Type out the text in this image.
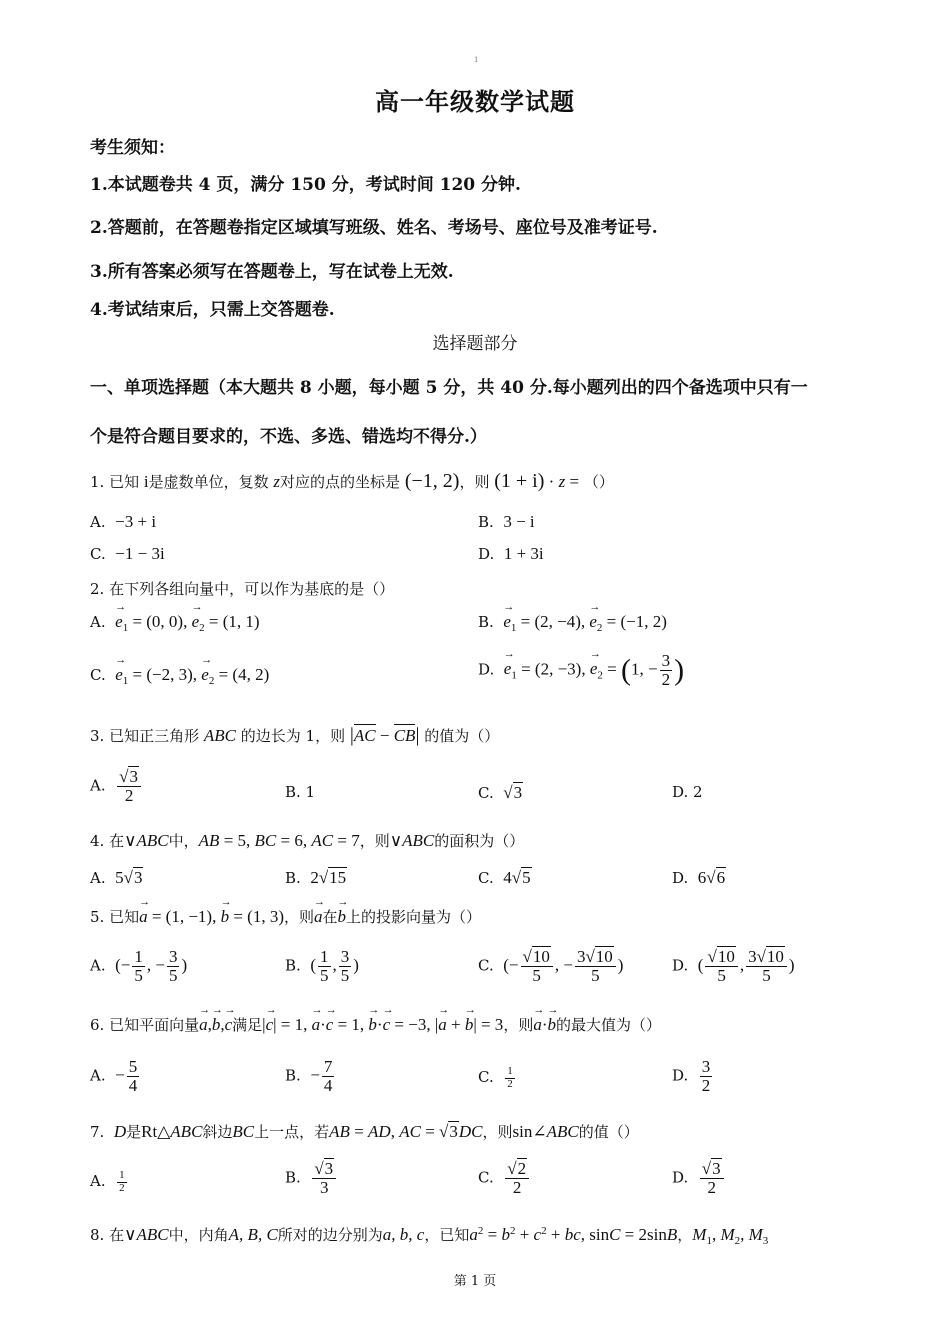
1
高一年级数学试题
考生须知：
1.本试题卷共 4 页，满分 150 分，考试时间 120 分钟.
2.答题前，在答题卷指定区域填写班级、姓名、考场号、座位号及准考证号.
3.所有答案必须写在答题卷上，写在试卷上无效.
4.考试结束后，只需上交答题卷.
选择题部分
一、单项选择题（本大题共 8 小题，每小题 5 分，共 40 分.每小题列出的四个备选项中只有一
个是符合题目要求的，不选、多选、错选均不得分.）
1. 已知 i是虚数单位，复数 z对应的点的坐标是 (−1, 2)，则 (1 + i) · z = （）
A. −3 + i	B. 3 − i
C. −1 − 3i	D. 1 + 3i
2. 在下列各组向量中，可以作为基底的是（）
A.  → $e_1 = (0$, 0), → $e_2 = (1$, 1)	B.  → $e_1 = (2$, −4), → $e_2 = (-1$, 2)
C.  → $e_1 = (-2$, 3), → $e_2 = (4$, 2)	D.  → $e_1 = (2$, −3), → $e_2 = (1$, − $\frac{3}{2}$ )
3. 已知正三角形 ABC 的边长为 1，则 |AC − CB| 的值为（）
A. $\frac{√3}{2}$	B. 1	C.  √3	D. 2
4. 在∨ABC中，AB = 5, BC = 6, AC = 7，则∨ABC的面积为（）
A.  5√3	B.  2√15	C.  4√5	D.  6√6
5. 已知→ a = (1, −1), → b = (1, 3)，则→ a在→ b上的投影向量为（）
A.  (− $\frac{1}{5}$ , − $\frac{3}{5}$ )	B.  ( $\frac{1}{5}$ , $\frac{3}{5}$ )	C.  (− $\frac{√10}{5}$ , − $\frac{3√10}{5}$ )	D.  ( $\frac{√10}{5}$ , $\frac{3√10}{5}$ )
6. 已知平面向量→ a,→ b,→ c满足|→ c| = 1, → a·→ c = 1, → b·→ c = −3, |→ a + → b| = 3，则→ a·→ b的最大值为（）
A.  − $\frac{5}{4}$	B.  − $\frac{7}{4}$	C. $\frac{1}{2}$	D. $\frac{3}{2}$
7.  D是Rt△ABC斜边BC上一点，若AB = AD, AC = √3DC，则sin∠ABC的值（）
A. $\frac{1}{2}$	B. $\frac{√3}{3}$	C. $\frac{√2}{2}$	D. $\frac{√3}{2}$
8. 在∨ABC中，内角A, B, C所对的边分别为a, b, c，已知$a^2 = b^2 + c^2$ + bc, sinC = 2sinB，$M_1$, $M_2$, $M_3$
第 1 页
